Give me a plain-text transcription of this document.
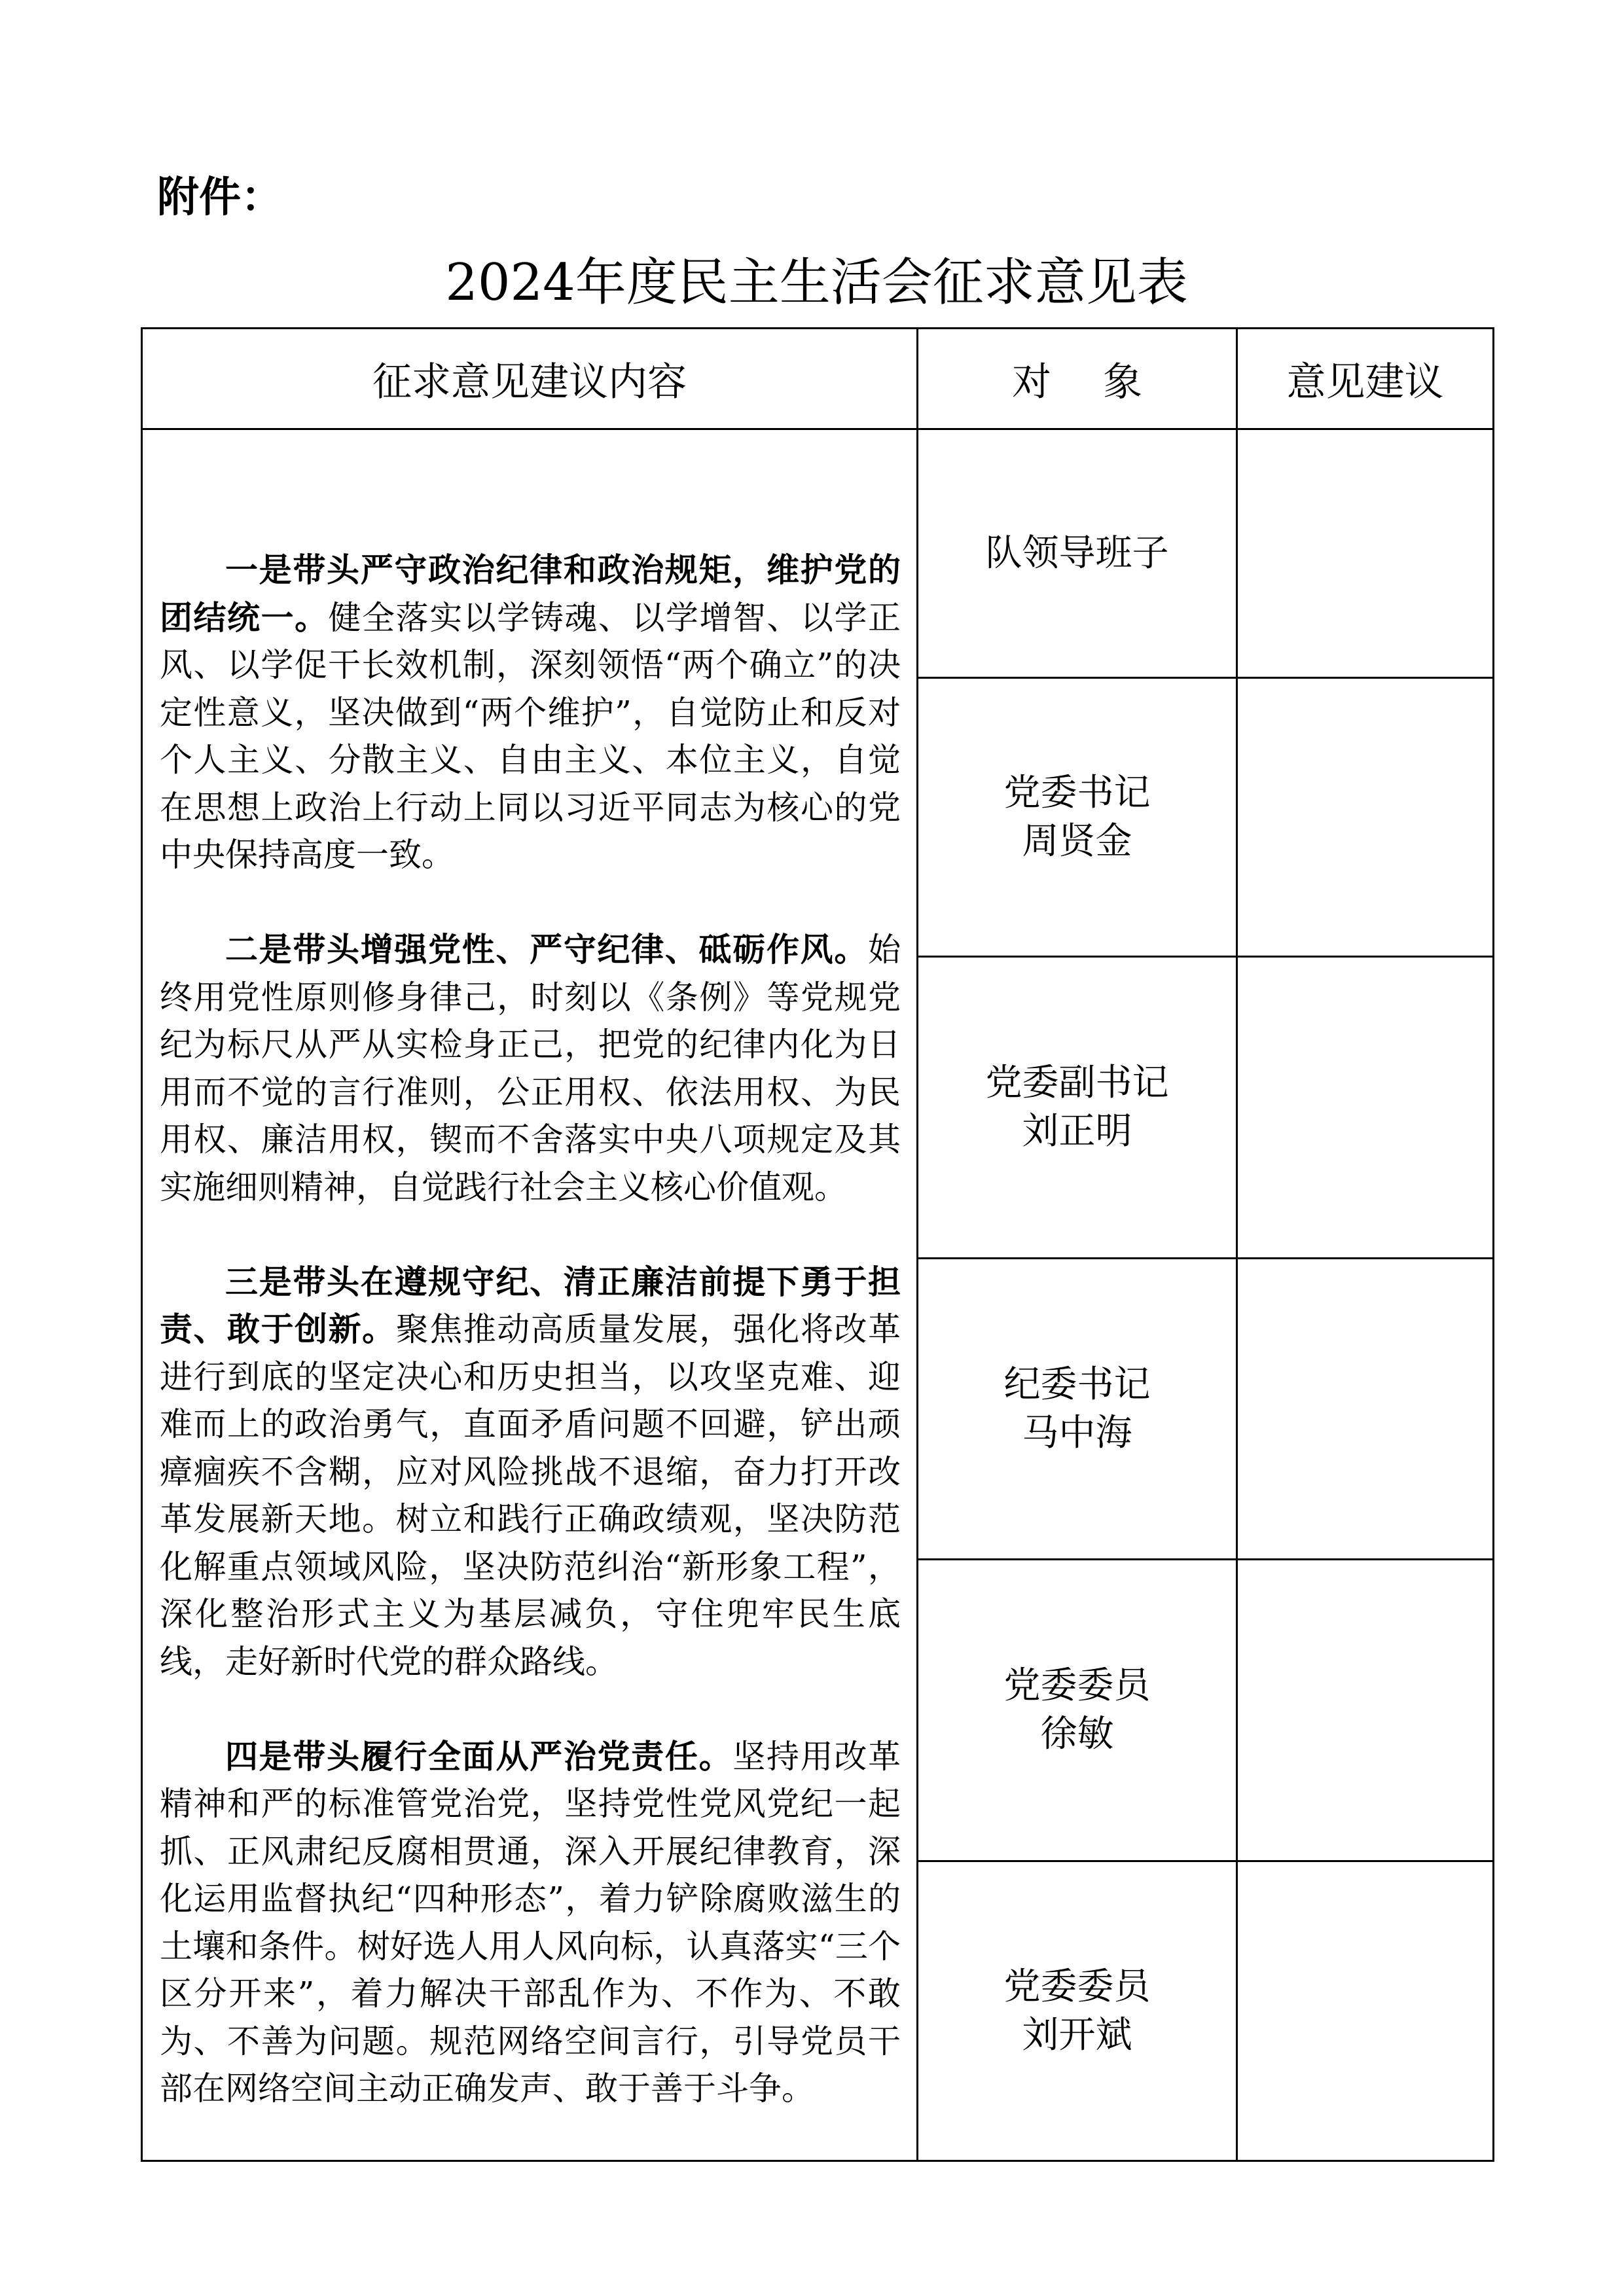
附件：
2024年度民主生活会征求意见表
征求意见建议内容	对　 象	意见建议

一是带头严守政治纪律和政治规矩，维护党的团结统一。健全落实以学铸魂、以学增智、以学正风、以学促干长效机制，深刻领悟“两个确立”的决定性意义，坚决做到“两个维护”，自觉防止和反对个人主义、分散主义、自由主义、本位主义，自觉在思想上政治上行动上同以习近平同志为核心的党中央保持高度一致。

二是带头增强党性、严守纪律、砥砺作风。始终用党性原则修身律己，时刻以《条例》等党规党纪为标尺从严从实检身正己，把党的纪律内化为日用而不觉的言行准则，公正用权、依法用权、为民用权、廉洁用权，锲而不舍落实中央八项规定及其实施细则精神，自觉践行社会主义核心价值观。

三是带头在遵规守纪、清正廉洁前提下勇于担责、敢于创新。聚焦推动高质量发展，强化将改革进行到底的坚定决心和历史担当，以攻坚克难、迎难而上的政治勇气，直面矛盾问题不回避，铲出顽瘴痼疾不含糊，应对风险挑战不退缩，奋力打开改革发展新天地。树立和践行正确政绩观，坚决防范化解重点领域风险，坚决防范纠治“新形象工程”，深化整治形式主义为基层减负，守住兜牢民生底线，走好新时代党的群众路线。

四是带头履行全面从严治党责任。坚持用改革精神和严的标准管党治党，坚持党性党风党纪一起抓、正风肃纪反腐相贯通，深入开展纪律教育，深化运用监督执纪“四种形态”，着力铲除腐败滋生的土壤和条件。树好选人用人风向标，认真落实“三个区分开来”，着力解决干部乱作为、不作为、不敢为、不善为问题。规范网络空间言行，引导党员干部在网络空间主动正确发声、敢于善于斗争。	队领导班子	

	党委书记
周贤金	

	党委副书记
刘正明	

	纪委书记
马中海	

	党委委员
徐敏	

	党委委员
刘开斌	
